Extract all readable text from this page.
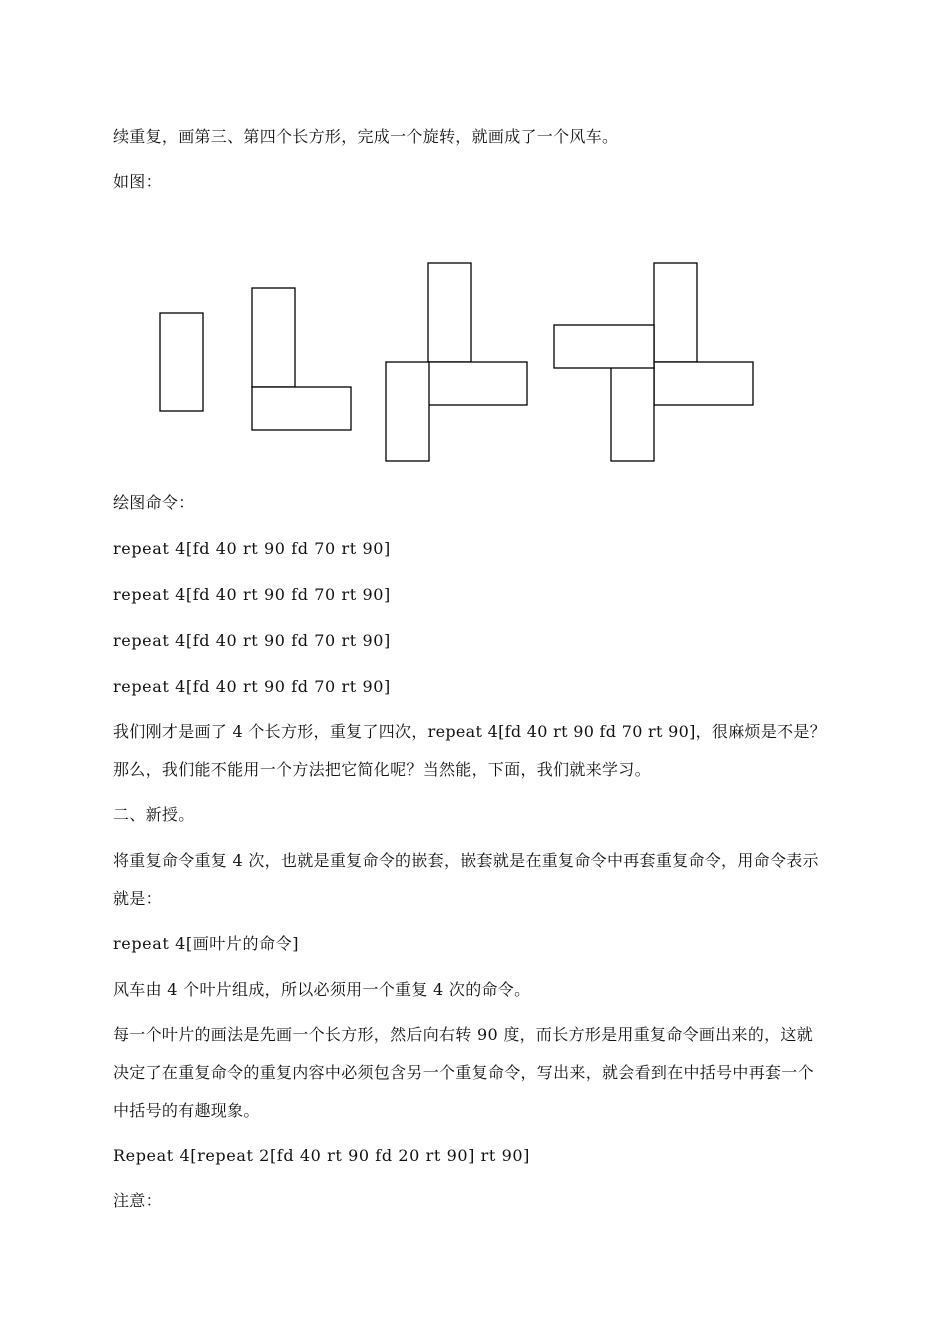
续重复，画第三、第四个长方形，完成一个旋转，就画成了一个风车。
如图：
绘图命令：
repeat 4[fd 40 rt 90 fd 70 rt 90]
repeat 4[fd 40 rt 90 fd 70 rt 90]
repeat 4[fd 40 rt 90 fd 70 rt 90]
repeat 4[fd 40 rt 90 fd 70 rt 90]
我们刚才是画了 4 个长方形，重复了四次，repeat 4[fd 40 rt 90 fd 70 rt 90]，很麻烦是不是？
那么，我们能不能用一个方法把它简化呢？当然能，下面，我们就来学习。
二、新授。
将重复命令重复 4 次，也就是重复命令的嵌套，嵌套就是在重复命令中再套重复命令，用命令表示
就是：
repeat 4[画叶片的命令]
风车由 4 个叶片组成，所以必须用一个重复 4 次的命令。
每一个叶片的画法是先画一个长方形，然后向右转 90 度，而长方形是用重复命令画出来的，这就
决定了在重复命令的重复内容中必须包含另一个重复命令，写出来，就会看到在中括号中再套一个
中括号的有趣现象。
Repeat 4[repeat 2[fd 40 rt 90 fd 20 rt 90] rt 90]
注意：
